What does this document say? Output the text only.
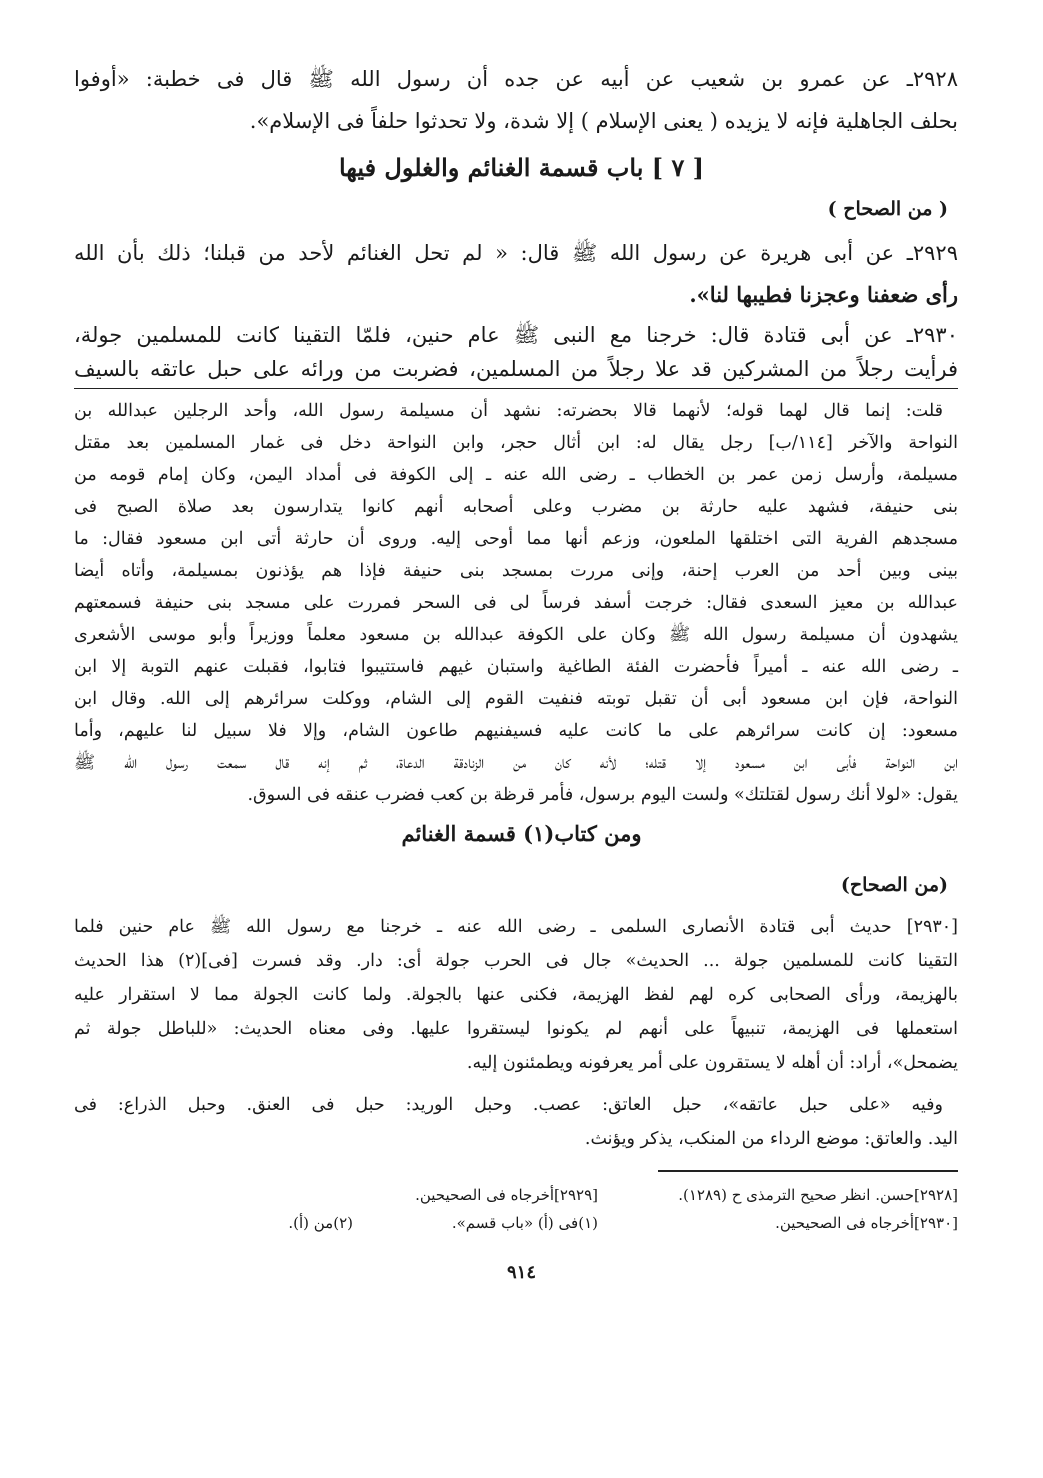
٢٩٢٨ـ عن عمرو بن شعيب عن أبيه عن جده أن رسول الله ﷺ قال فى خطبة: «أوفوا
بحلف الجاهلية فإنه لا يزيده ( يعنى الإسلام ) إلا شدة، ولا تحدثوا حلفاً فى الإسلام».
[ ٧ ] باب قسمة الغنائم والغلول فيها
( من الصحاح )
٢٩٢٩ـ عن أبى هريرة عن رسول الله ﷺ قال: « لم تحل الغنائم لأحد من قبلنا؛ ذلك بأن الله
رأى ضعفنا وعجزنا فطيبها لنا».
٢٩٣٠ـ عن أبى قتادة قال: خرجنا مع النبى ﷺ عام حنين، فلمّا التقينا كانت للمسلمين جولة،
فرأيت رجلاً من المشركين قد علا رجلاً من المسلمين، فضربت من ورائه على حبل عاتقه بالسيف
قلت: إنما قال لهما قوله؛ لأنهما قالا بحضرته: نشهد أن مسيلمة رسول الله، وأحد الرجلين عبدالله بن
النواحة والآخر [١١٤/ب] رجل يقال له: ابن أثال حجر، وابن النواحة دخل فى غمار المسلمين بعد مقتل
مسيلمة، وأرسل زمن عمر بن الخطاب ـ رضى الله عنه ـ إلى الكوفة فى أمداد اليمن، وكان إمام قومه من
بنى حنيفة، فشهد عليه حارثة بن مضرب وعلى أصحابه أنهم كانوا يتدارسون بعد صلاة الصبح فى
مسجدهم الفرية التى اختلقها الملعون، وزعم أنها مما أوحى إليه. وروى أن حارثة أتى ابن مسعود فقال: ما
بينى وبين أحد من العرب إحنة، وإنى مررت بمسجد بنى حنيفة فإذا هم يؤذنون بمسيلمة، وأتاه أيضا
عبدالله بن معيز السعدى فقال: خرجت أسفد فرساً لى فى السحر فمررت على مسجد بنى حنيفة فسمعتهم
يشهدون أن مسيلمة رسول الله ﷺ وكان على الكوفة عبدالله بن مسعود معلماً ووزيراً وأبو موسى الأشعرى
ـ رضى الله عنه ـ أميراً فأحضرت الفئة الطاغية واستبان غيهم فاستتيبوا فتابوا، فقبلت عنهم التوبة إلا ابن
النواحة، فإن ابن مسعود أبى أن تقبل توبته فنفيت القوم إلى الشام، ووكلت سرائرهم إلى الله. وقال ابن
مسعود: إن كانت سرائرهم على ما كانت عليه فسيفنيهم طاعون الشام، وإلا فلا سبيل لنا عليهم، وأما
ابن النواحة فأبى ابن مسعود إلا قتله؛ لأنه كان من الزنادقة الدعاة، ثم إنه قال سمعت رسول الله ﷺ
يقول: «لولا أنك رسول لقتلتك» ولست اليوم برسول، فأمر قرظة بن كعب فضرب عنقه فى السوق.
ومن كتاب(١) قسمة الغنائم
(من الصحاح)
[٢٩٣٠] حديث أبى قتادة الأنصارى السلمى ـ رضى الله عنه ـ خرجنا مع رسول الله ﷺ عام حنين فلما
التقينا كانت للمسلمين جولة ... الحديث» جال فى الحرب جولة أى: دار. وقد فسرت [فى](٢) هذا الحديث
بالهزيمة، ورأى الصحابى كره لهم لفظ الهزيمة، فكنى عنها بالجولة. ولما كانت الجولة مما لا استقرار عليه
استعملها فى الهزيمة، تنبيهاً على أنهم لم يكونوا ليستقروا عليها. وفى معناه الحديث: «للباطل جولة ثم
يضمحل»، أراد: أن أهله لا يستقرون على أمر يعرفونه ويطمئنون إليه.
وفيه «على حبل عاتقه»، حبل العاتق: عصب. وحبل الوريد: حبل فى العنق. وحبل الذراع: فى
اليد. والعاتق: موضع الرداء من المنكب، يذكر ويؤنث.
[٢٩٢٨]حسن. انظر صحيح الترمذى ح (١٢٨٩).
[٢٩٢٩]أخرجاه فى الصحيحين.
[٢٩٣٠]أخرجاه فى الصحيحين.
(١)فى (أ) «باب قسم».
(٢)من (أ).
٩١٤
